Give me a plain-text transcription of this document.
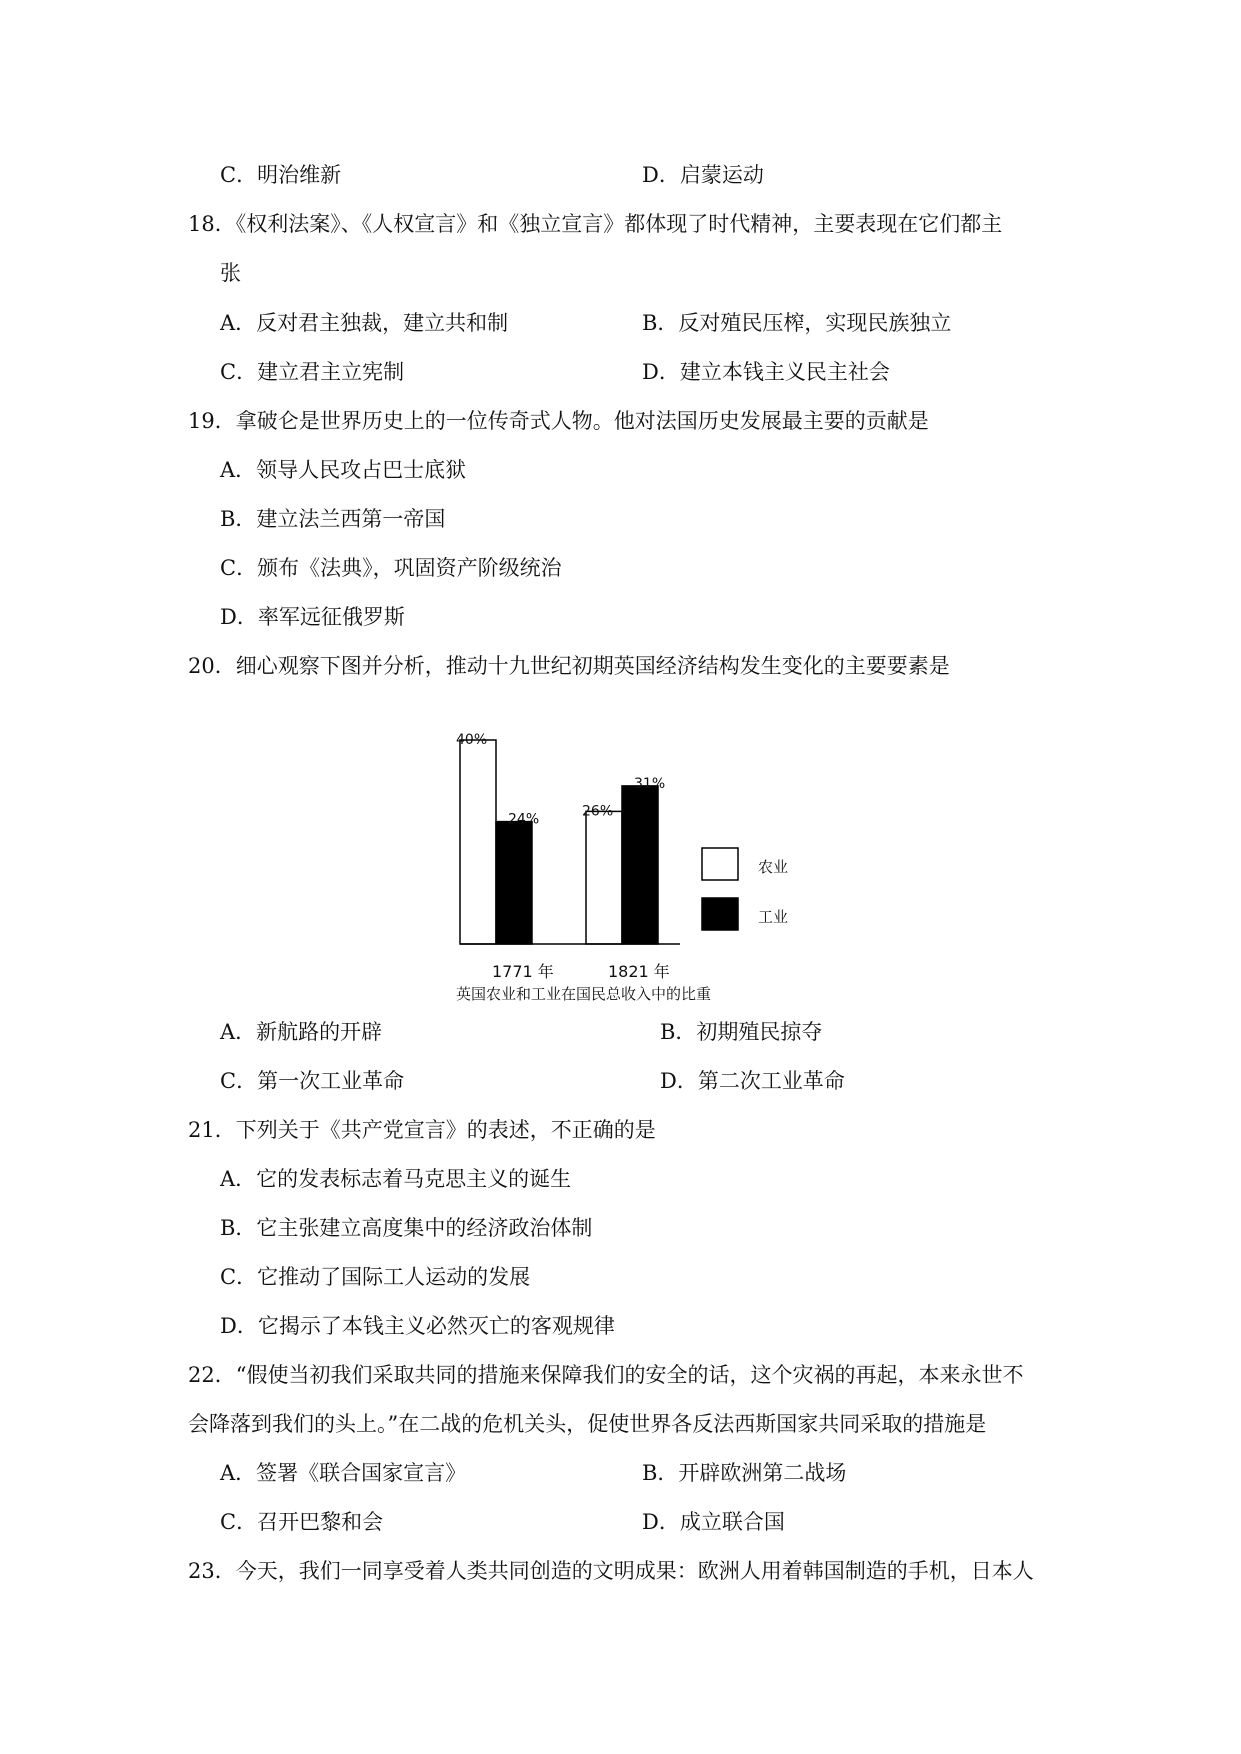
C．明治维新	D．启蒙运动
18．《权利法案》、《人权宣言》和《独立宣言》都体现了时代精神，主要表现在它们都主
张
A．反对君主独裁，建立共和制	B．反对殖民压榨，实现民族独立
C．建立君主立宪制	D．建立本钱主义民主社会
19．拿破仑是世界历史上的一位传奇式人物。他对法国历史发展最主要的贡献是
A．领导人民攻占巴士底狱
B．建立法兰西第一帝国
C．颁布《法典》，巩固资产阶级统治
D．率军远征俄罗斯
20．细心观察下图并分析，推动十九世纪初期英国经济结构发生变化的主要要素是
40%
24%
26%
31%
1771 年	1821 年
英国农业和工业在国民总收入中的比重
农业
工业
A．新航路的开辟	B．初期殖民掠夺
C．第一次工业革命	D．第二次工业革命
21．下列关于《共产党宣言》的表述，不正确的是
A．它的发表标志着马克思主义的诞生
B．它主张建立高度集中的经济政治体制
C．它推动了国际工人运动的发展
D．它揭示了本钱主义必然灭亡的客观规律
22．“假使当初我们采取共同的措施来保障我们的安全的话，这个灾祸的再起，本来永世不
会降落到我们的头上。”在二战的危机关头，促使世界各反法西斯国家共同采取的措施是
A．签署《联合国家宣言》	B．开辟欧洲第二战场
C．召开巴黎和会	D．成立联合国
23．今天，我们一同享受着人类共同创造的文明成果：欧洲人用着韩国制造的手机，日本人
